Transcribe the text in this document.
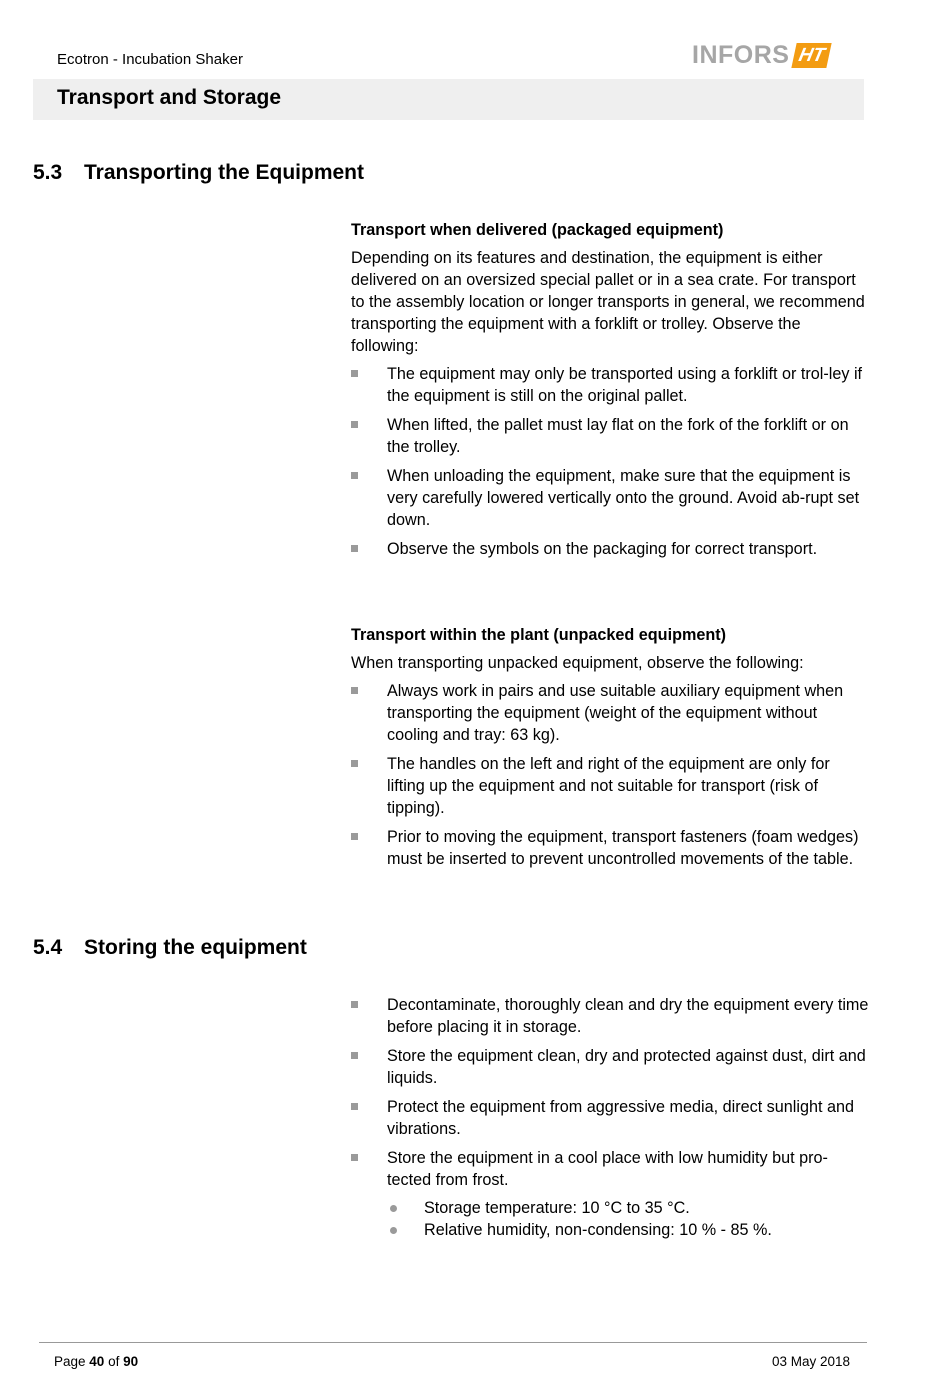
Ecotron - Incubation Shaker	INFORS HT
Transport and Storage
5.3	Transporting the Equipment
Transport when delivered (packaged equipment)
Depending on its features and destination, the equipment is either delivered on an oversized special pallet or in a sea crate. For transport to the assembly location or longer transports in general, we recommend transporting the equipment with a forklift or trolley. Observe the following:
The equipment may only be transported using a forklift or trol-ley if the equipment is still on the original pallet.
When lifted, the pallet must lay flat on the fork of the forklift or on the trolley.
When unloading the equipment, make sure that the equipment is very carefully lowered vertically onto the ground. Avoid ab-rupt set down.
Observe the symbols on the packaging for correct transport.
Transport within the plant (unpacked equipment)
When transporting unpacked equipment, observe the following:
Always work in pairs and use suitable auxiliary equipment when transporting the equipment (weight of the equipment without cooling and tray: 63 kg).
The handles on the left and right of the equipment are only for lifting up the equipment and not suitable for transport (risk of tipping).
Prior to moving the equipment, transport fasteners (foam wedges) must be inserted to prevent uncontrolled movements of the table.
5.4	Storing the equipment
Decontaminate, thoroughly clean and dry the equipment every time before placing it in storage.
Store the equipment clean, dry and protected against dust, dirt and liquids.
Protect the equipment from aggressive media, direct sunlight and vibrations.
Store the equipment in a cool place with low humidity but pro-tected from frost.
Storage temperature: 10 °C to 35 °C.
Relative humidity, non-condensing: 10 % - 85 %.
Page 40 of 90	03 May 2018
